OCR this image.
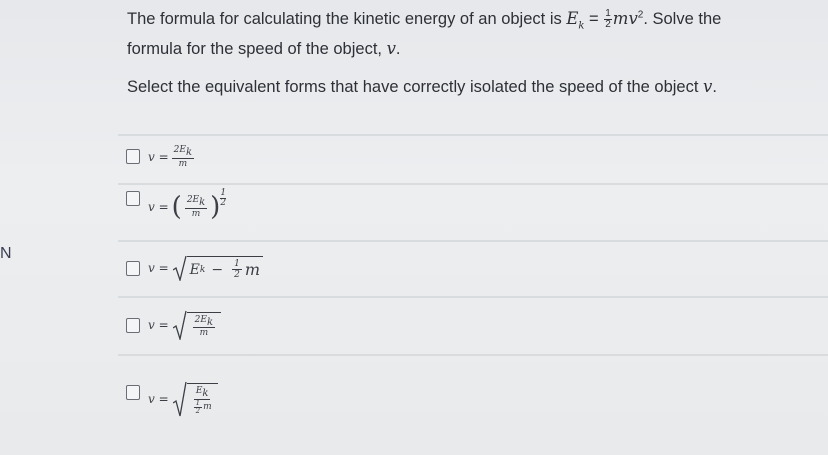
N
The formula for calculating the kinetic energy of an object is $E_k = \frac{1}{2} mv^2$. Solve the
formula for the speed of the object, v.
Select the equivalent forms that have correctly isolated the speed of the object v.
$v = \frac{2E_k}{m}$
v = ( $2E_k$
m ) 1
2
v = E $k - \frac{1}{2}$ m
v =	$2E_k$
m
v =
$E_k$
1
2 m
